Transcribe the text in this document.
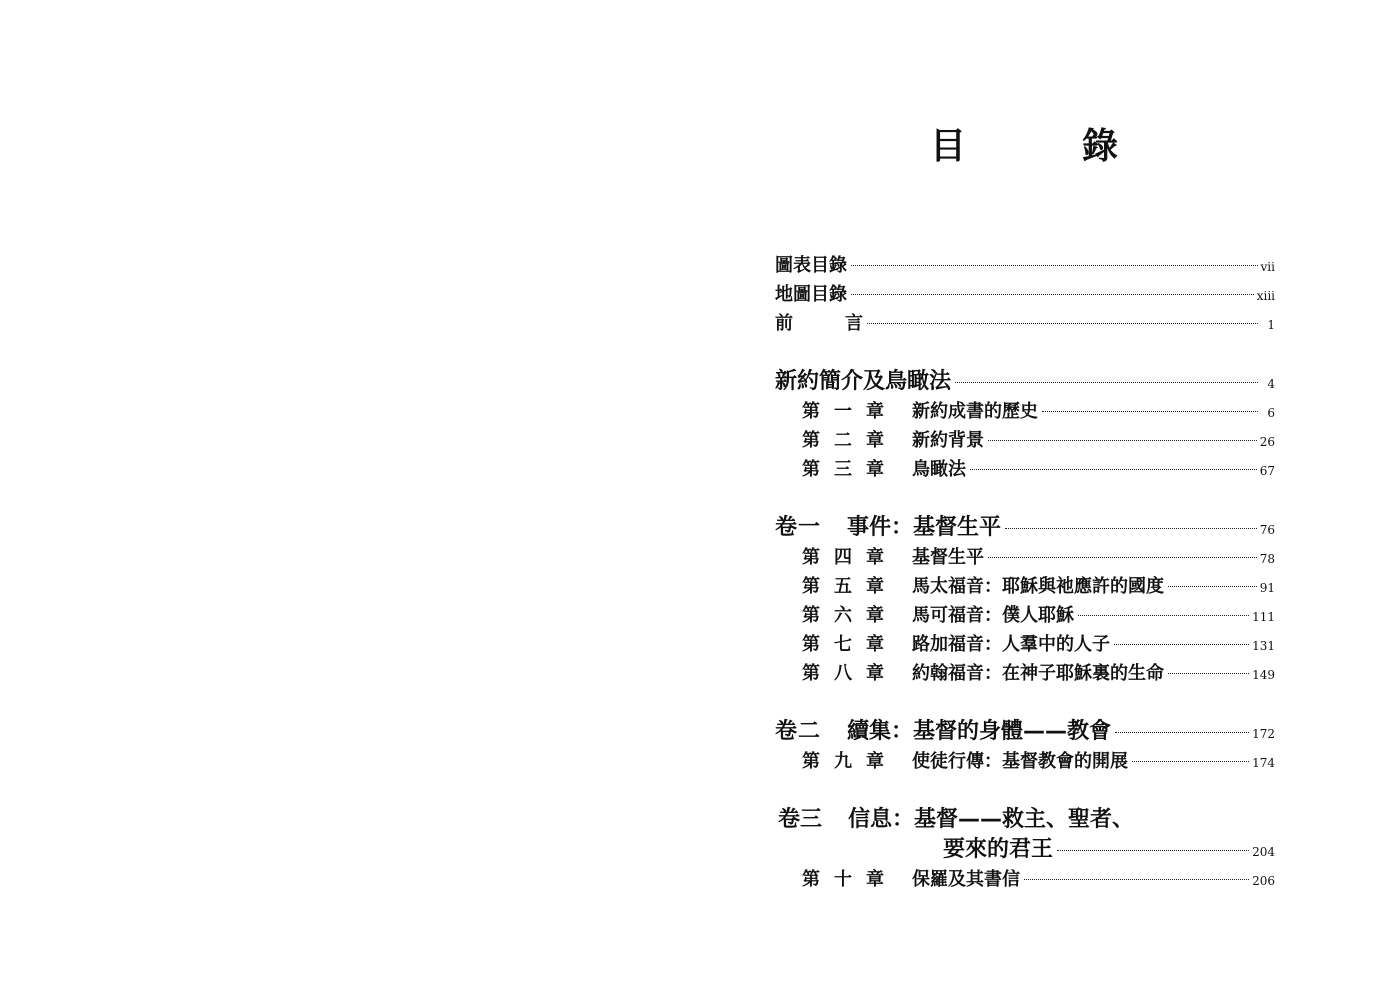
目　錄
圖表目錄	vii
地圖目錄	xiii
前言	1
新約簡介及鳥瞰法	4
第一章 新約成書的歷史	6
第二章 新約背景	26
第三章 鳥瞰法	67
卷一 事件：基督生平	76
第四章 基督生平	78
第五章 馬太福音：耶穌與祂應許的國度	91
第六章 馬可福音：僕人耶穌	111
第七章 路加福音：人羣中的人子	131
第八章 約翰福音：在神子耶穌裏的生命	149
卷二 續集：基督的身體——教會	172
第九章 使徒行傳：基督教會的開展	174
卷三 信息：基督——救主、聖者、
要來的君王	204
第十章 保羅及其書信	206
